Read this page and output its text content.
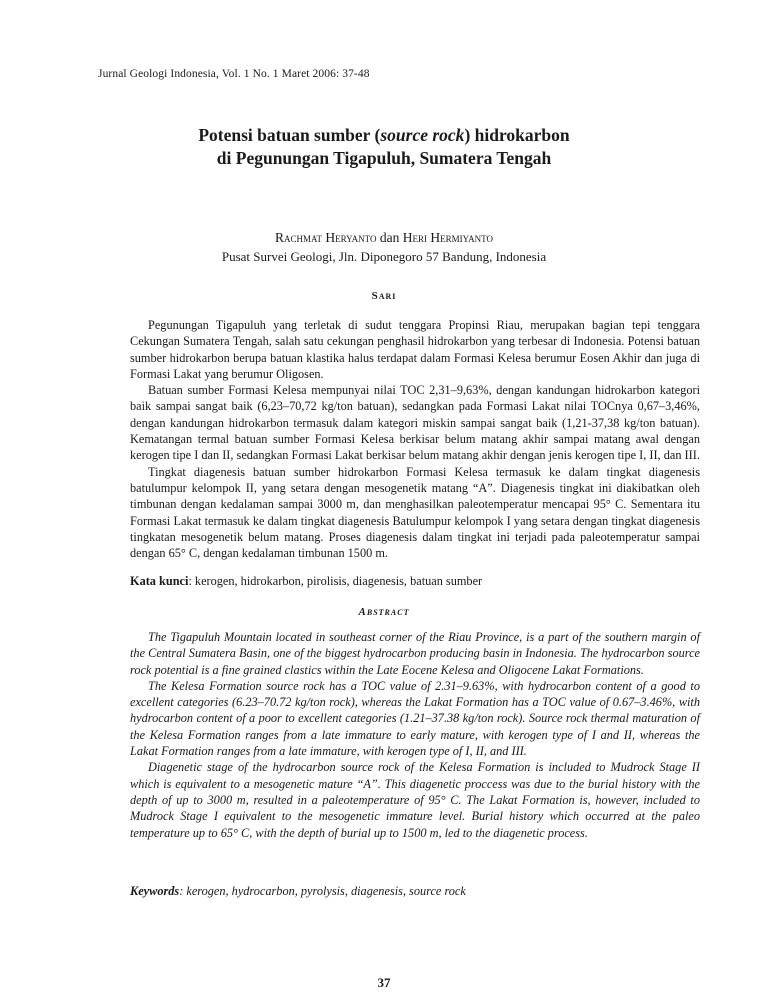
Jurnal Geologi Indonesia, Vol. 1 No. 1 Maret 2006: 37-48
Potensi batuan sumber (source rock) hidrokarbon
di Pegunungan Tigapuluh, Sumatera Tengah
Rachmat Heryanto dan Heri Hermiyanto
Pusat Survei Geologi, Jln. Diponegoro 57 Bandung, Indonesia
Sari

Pegunungan Tigapuluh yang terletak di sudut tenggara Propinsi Riau, merupakan bagian tepi tenggara Cekungan Sumatera Tengah, salah satu cekungan penghasil hidrokarbon yang terbesar di Indonesia. Potensi batuan sumber hidrokarbon berupa batuan klastika halus terdapat dalam Formasi Kelesa berumur Eosen Akhir dan juga di Formasi Lakat yang berumur Oligosen.

Batuan sumber Formasi Kelesa mempunyai nilai TOC 2,31–9,63%, dengan kandungan hidrokarbon kategori baik sampai sangat baik (6,23–70,72 kg/ton batuan), sedangkan pada Formasi Lakat nilai TOCnya 0,67–3,46%, dengan kandungan hidrokarbon termasuk dalam kategori miskin sampai sangat baik (1,21-37,38 kg/ton batuan). Kematangan termal batuan sumber Formasi Kelesa berkisar belum matang akhir sampai matang awal dengan kerogen tipe I dan II, sedangkan Formasi Lakat berkisar belum matang akhir dengan jenis kerogen tipe I, II, dan III.

Tingkat diagenesis batuan sumber hidrokarbon Formasi Kelesa termasuk ke dalam tingkat diagenesis batulumpur kelompok II, yang setara dengan mesogenetik matang “A”. Diagenesis tingkat ini diakibatkan oleh timbunan dengan kedalaman sampai 3000 m, dan menghasilkan paleotemperatur mencapai 95° C. Sementara itu Formasi Lakat termasuk ke dalam tingkat diagenesis Batulumpur kelompok I yang setara dengan tingkat diagenesis tingkatan mesogenetik belum matang. Proses diagenesis dalam tingkat ini terjadi pada paleotemperatur sampai dengan 65° C, dengan kedalaman timbunan 1500 m.

Kata kunci: kerogen, hidrokarbon, pirolisis, diagenesis, batuan sumber
Abstract

The Tigapuluh Mountain located in southeast corner of the Riau Province, is a part of the southern margin of the Central Sumatera Basin, one of the biggest hydrocarbon producing basin in Indonesia. The hydrocarbon source rock potential is a fine grained clastics within the Late Eocene Kelesa and Oligocene Lakat Formations.

The Kelesa Formation source rock has a TOC value of 2.31–9.63%, with hydrocarbon content of a good to excellent categories (6.23–70.72 kg/ton rock), whereas the Lakat Formation has a TOC value of 0.67–3.46%, with hydrocarbon content of a poor to excellent categories (1.21–37.38 kg/ton rock). Source rock thermal maturation of the Kelesa Formation ranges from a late immature to early mature, with kerogen type of I and II, whereas the Lakat Formation ranges from a late immature, with kerogen type of I, II, and III.

Diagenetic stage of the hydrocarbon source rock of the Kelesa Formation is included to Mudrock Stage II which is equivalent to a mesogenetic mature “A”. This diagenetic proccess was due to the burial history with the depth of up to 3000 m, resulted in a paleotemperature of 95° C. The Lakat Formation is, however, included to Mudrock Stage I equivalent to the mesogenetic immature level. Burial history which occurred at the paleo temperature up to 65° C, with the depth of burial up to 1500 m, led to the diagenetic process.

Keywords: kerogen, hydrocarbon, pyrolysis, diagenesis, source rock
37
